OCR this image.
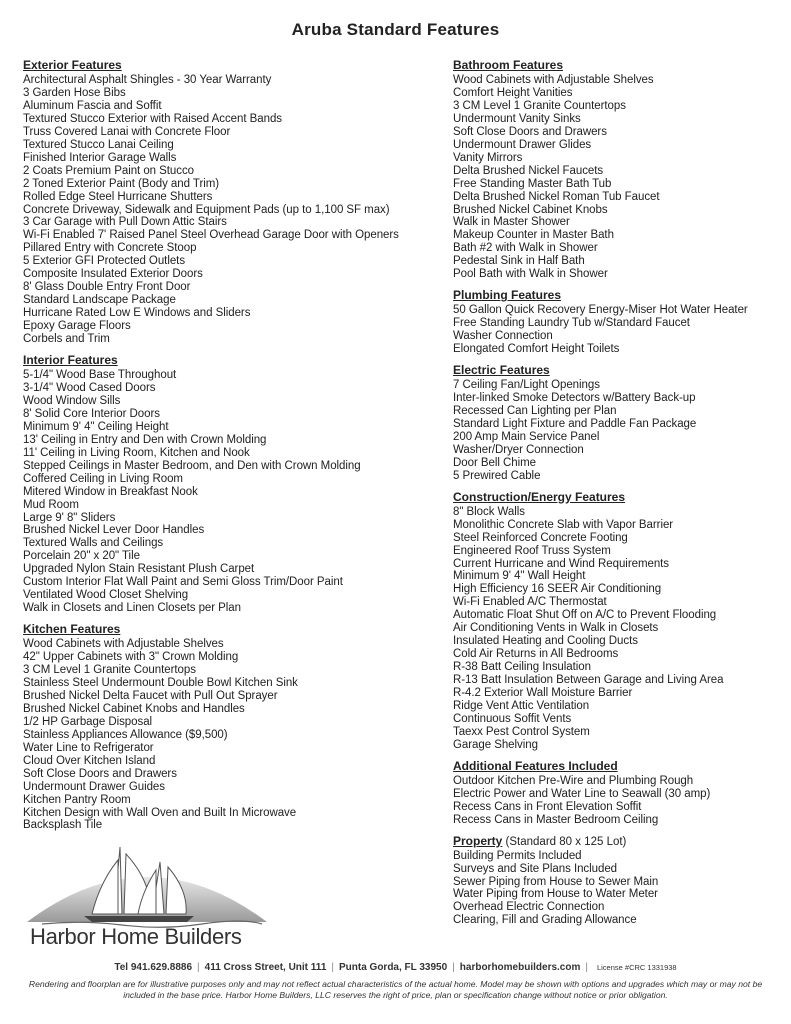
Aruba Standard Features
Exterior Features
Architectural Asphalt Shingles - 30 Year Warranty
3 Garden Hose Bibs
Aluminum Fascia and Soffit
Textured Stucco Exterior with Raised Accent Bands
Truss Covered Lanai with Concrete Floor
Textured Stucco Lanai Ceiling
Finished Interior Garage Walls
2 Coats Premium Paint on Stucco
2 Toned Exterior Paint (Body and Trim)
Rolled Edge Steel Hurricane Shutters
Concrete Driveway, Sidewalk and Equipment Pads (up to 1,100 SF max)
3 Car Garage with Pull Down Attic Stairs
Wi-Fi Enabled 7' Raised Panel Steel Overhead Garage Door with Openers
Pillared Entry with Concrete Stoop
5 Exterior GFI Protected Outlets
Composite Insulated Exterior Doors
8' Glass Double Entry Front Door
Standard Landscape Package
Hurricane Rated Low E Windows and Sliders
Epoxy Garage Floors
Corbels and Trim
Interior Features
5-1/4" Wood Base Throughout
3-1/4" Wood Cased Doors
Wood Window Sills
8' Solid Core Interior Doors
Minimum 9' 4" Ceiling Height
13' Ceiling in Entry and Den with Crown Molding
11' Ceiling in Living Room, Kitchen and Nook
Stepped Ceilings in Master Bedroom, and Den with Crown Molding
Coffered Ceiling in Living Room
Mitered Window in Breakfast Nook
Mud Room
Large 9' 8" Sliders
Brushed Nickel Lever Door Handles
Textured Walls and Ceilings
Porcelain 20" x 20" Tile
Upgraded Nylon Stain Resistant Plush Carpet
Custom Interior Flat Wall Paint and Semi Gloss Trim/Door Paint
Ventilated Wood Closet Shelving
Walk in Closets and Linen Closets per Plan
Kitchen Features
Wood Cabinets with Adjustable Shelves
42" Upper Cabinets with 3" Crown Molding
3 CM Level 1 Granite Countertops
Stainless Steel Undermount Double Bowl Kitchen Sink
Brushed Nickel Delta Faucet with Pull Out Sprayer
Brushed Nickel Cabinet Knobs and Handles
1/2 HP Garbage Disposal
Stainless Appliances Allowance ($9,500)
Water Line to Refrigerator
Cloud Over Kitchen Island
Soft Close Doors and Drawers
Undermount Drawer Guides
Kitchen Pantry Room
Kitchen Design with Wall Oven and Built In Microwave
Backsplash Tile
Bathroom Features
Wood Cabinets with Adjustable Shelves
Comfort Height Vanities
3 CM Level 1 Granite Countertops
Undermount Vanity Sinks
Soft Close Doors and Drawers
Undermount Drawer Glides
Vanity Mirrors
Delta Brushed Nickel Faucets
Free Standing Master Bath Tub
Delta Brushed Nickel Roman Tub Faucet
Brushed Nickel Cabinet Knobs
Walk in Master Shower
Makeup Counter in Master Bath
Bath #2 with Walk in Shower
Pedestal Sink in Half Bath
Pool Bath with Walk in Shower
Plumbing Features
50 Gallon Quick Recovery Energy-Miser Hot Water Heater
Free Standing Laundry Tub w/Standard Faucet
Washer Connection
Elongated Comfort Height Toilets
Electric Features
7 Ceiling Fan/Light Openings
Inter-linked Smoke Detectors w/Battery Back-up
Recessed Can Lighting per Plan
Standard Light Fixture and Paddle Fan Package
200 Amp Main Service Panel
Washer/Dryer Connection
Door Bell Chime
5 Prewired Cable
Construction/Energy Features
8" Block Walls
Monolithic Concrete Slab with Vapor Barrier
Steel Reinforced Concrete Footing
Engineered Roof Truss System
Current Hurricane and Wind Requirements
Minimum 9' 4" Wall Height
High Efficiency 16 SEER Air Conditioning
Wi-Fi Enabled A/C Thermostat
Automatic Float Shut Off on A/C to Prevent Flooding
Air Conditioning Vents in Walk in Closets
Insulated Heating and Cooling Ducts
Cold Air Returns in All Bedrooms
R-38 Batt Ceiling Insulation
R-13 Batt Insulation Between Garage and Living Area
R-4.2 Exterior Wall Moisture Barrier
Ridge Vent Attic Ventilation
Continuous Soffit Vents
Taexx Pest Control System
Garage Shelving
Additional Features Included
Outdoor Kitchen Pre-Wire and Plumbing Rough
Electric Power and Water Line to Seawall (30 amp)
Recess Cans in Front Elevation Soffit
Recess Cans in Master Bedroom Ceiling
Property (Standard 80 x 125 Lot)
Building Permits Included
Surveys and Site Plans Included
Sewer Piping from House to Sewer Main
Water Piping from House to Water Meter
Overhead Electric Connection
Clearing, Fill and Grading Allowance
Harbor Home Builders
Tel 941.629.8886 | 411 Cross Street, Unit 111 | Punta Gorda, FL 33950 | harborhomebuilders.com | License #CRC 1331938
Rendering and floorplan are for illustrative purposes only and may not reflect actual characteristics of the actual home. Model may be shown with options and upgrades which may or may not be included in the base price. Harbor Home Builders, LLC reserves the right of price, plan or specification change without notice or prior obligation.
